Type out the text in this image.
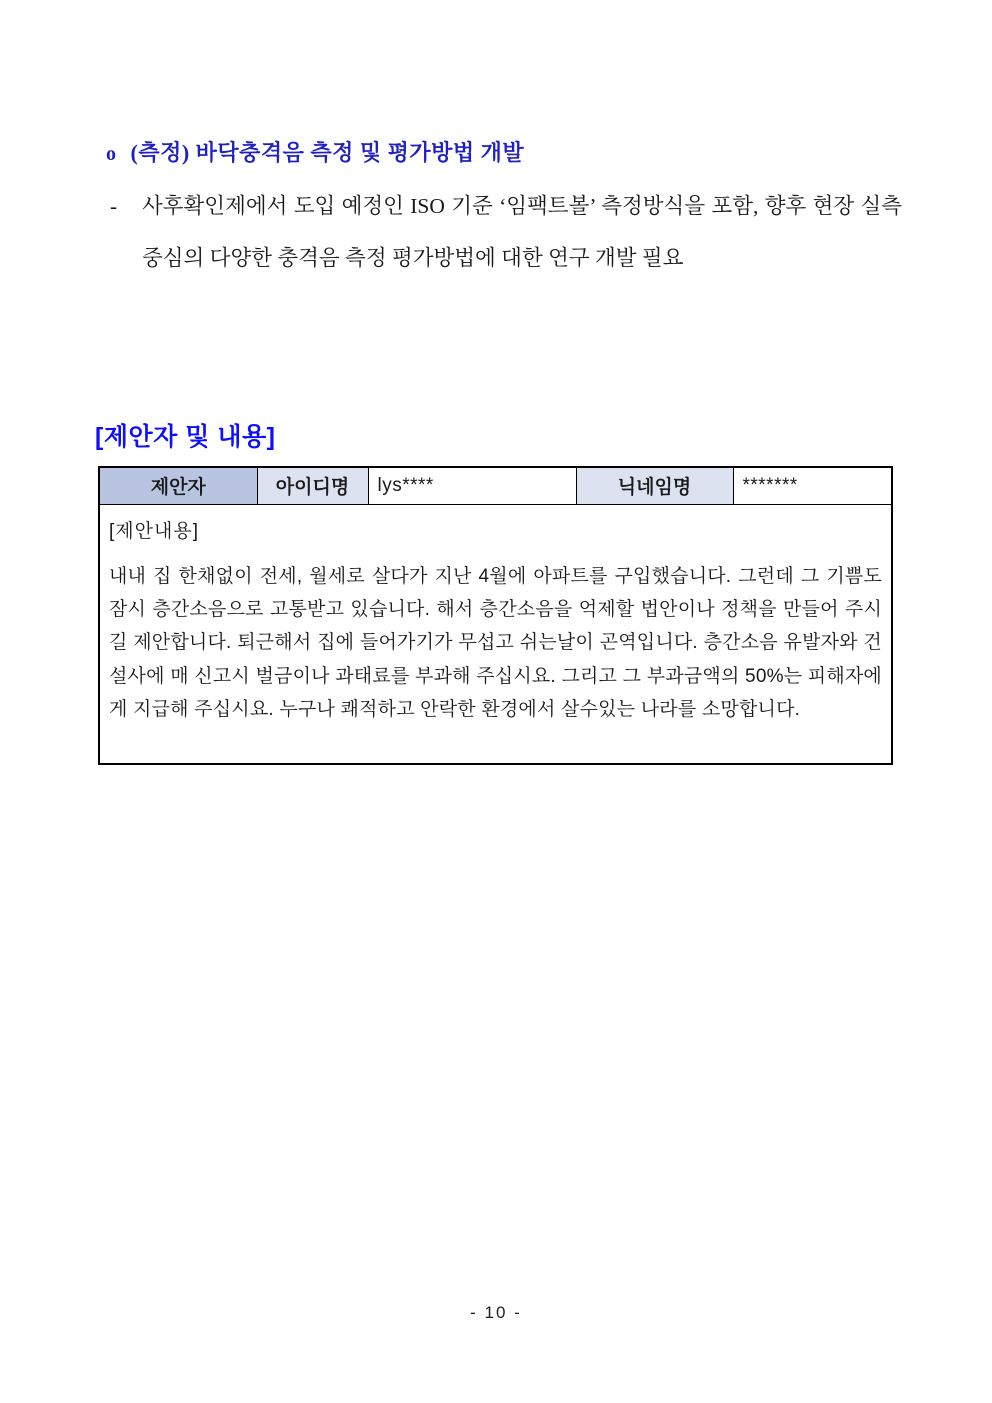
o (측정) 바닥충격음 측정 및 평가방법 개발
-	사후확인제에서 도입 예정인 ISO 기준 ‘임팩트볼’ 측정방식을 포함, 향후 현장 실측 중심의 다양한 충격음 측정 평가방법에 대한 연구 개발 필요
[제안자 및 내용]
제안자	아이디명	lys****	닉네임명	*******

[제안내용]
내내 집 한채없이 전세, 월세로 살다가 지난 4월에 아파트를 구입했습니다. 그런데 그 기쁨도 잠시 층간소음으로 고통받고 있습니다. 해서 층간소음을 억제할 법안이나 정책을 만들어 주시길 제안합니다. 퇴근해서 집에 들어가기가 무섭고 쉬는날이 곤역입니다. 층간소음 유발자와 건설사에 매 신고시 벌금이나 과태료를 부과해 주십시요. 그리고 그 부과금액의 50%는 피해자에게 지급해 주십시요. 누구나 쾌적하고 안락한 환경에서 살수있는 나라를 소망합니다.
- 10 -
